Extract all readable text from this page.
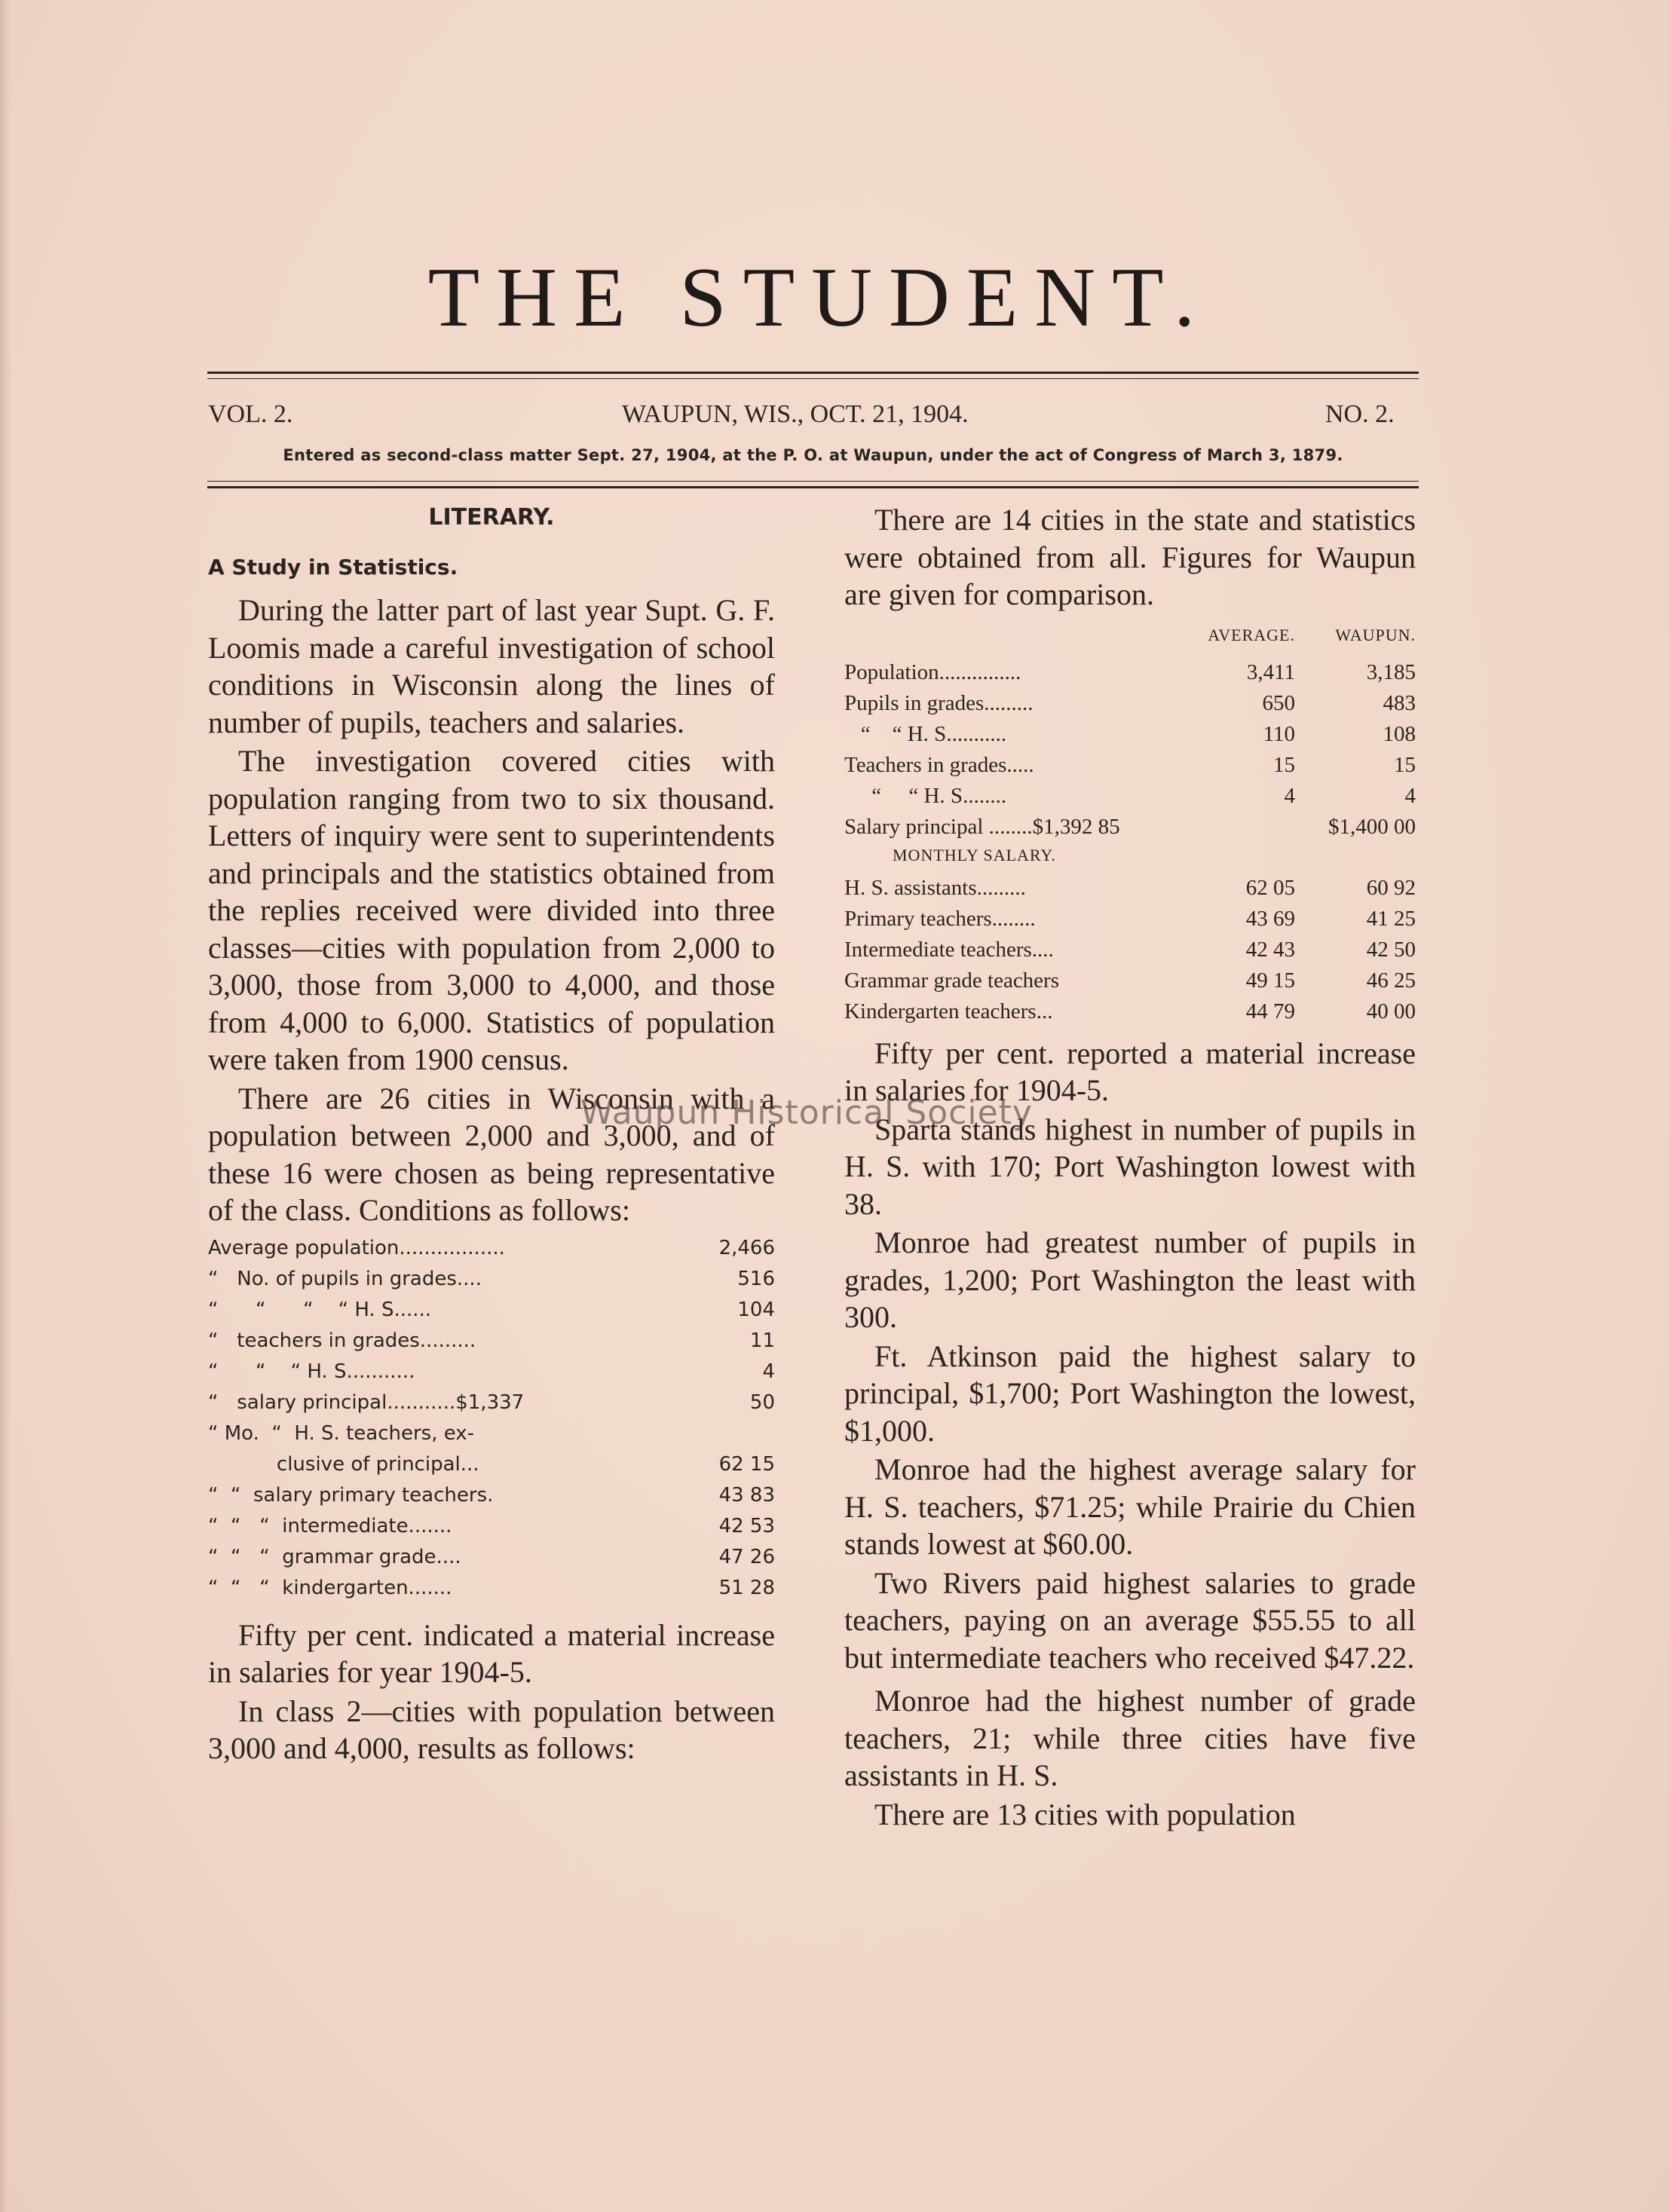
THE STUDENT.
VOL. 2.	WAUPUN, WIS., OCT. 21, 1904.	NO. 2.
Entered as second-class matter Sept. 27, 1904, at the P. O. at Waupun, under the act of Congress of March 3, 1879.
LITERARY.
A Study in Statistics.

During the latter part of last year Supt. G. F. Loomis made a careful investigation of school conditions in Wisconsin along the lines of number of pupils, teachers and salaries.

The investigation covered cities with population ranging from two to six thousand. Letters of inquiry were sent to superintendents and principals and the statistics obtained from the replies received were divided into three classes—cities with population from 2,000 to 3,000, those from 3,000 to 4,000, and those from 4,000 to 6,000. Statistics of population were taken from 1900 census.

There are 26 cities in Wisconsin with a population between 2,000 and 3,000, and of these 16 were chosen as being representative of the class. Conditions as follows:

Average population.................	2,466
“   No. of pupils in grades....	516
“      “      “    “ H. S......	104
“   teachers in grades.........	11
“      “    “ H. S...........	4
“   salary principal...........$1,337	50
“ Mo.  “  H. S. teachers, ex-	
clusive of principal...	62 15
“  “  salary primary teachers.	43 83
“  “   “  intermediate.......	42 53
“  “   “  grammar grade....	47 26
“  “   “  kindergarten.......	51 28

Fifty per cent. indicated a material increase in salaries for year 1904-5.

In class 2—cities with population between 3,000 and 4,000, results as follows:

There are 14 cities in the state and statistics were obtained from all. Figures for Waupun are given for comparison.

	AVERAGE.	WAUPUN.
Population...............	3,411	3,185
Pupils in grades.........	650	483
“    “ H. S...........	110	108
Teachers in grades.....	15	15
“     “ H. S........	4	4
Salary principal ........$1,392 85		$1,400 00
MONTHLY SALARY.		
H. S. assistants.........	62 05	60 92
Primary teachers........	43 69	41 25
Intermediate teachers....	42 43	42 50
Grammar grade teachers	49 15	46 25
Kindergarten teachers...	44 79	40 00

Fifty per cent. reported a material increase in salaries for 1904-5.

Sparta stands highest in number of pupils in H. S. with 170; Port Washington lowest with 38.

Monroe had greatest number of pupils in grades, 1,200; Port Washington the least with 300.

Ft. Atkinson paid the highest salary to principal, $1,700; Port Washington the lowest, $1,000.

Monroe had the highest average salary for H. S. teachers, $71.25; while Prairie du Chien stands lowest at $60.00.

Two Rivers paid highest salaries to grade teachers, paying on an average $55.55 to all but intermediate teachers who received $47.22.

Monroe had the highest number of grade teachers, 21; while three cities have five assistants in H. S.

There are 13 cities with population

Waupun Historical Society
